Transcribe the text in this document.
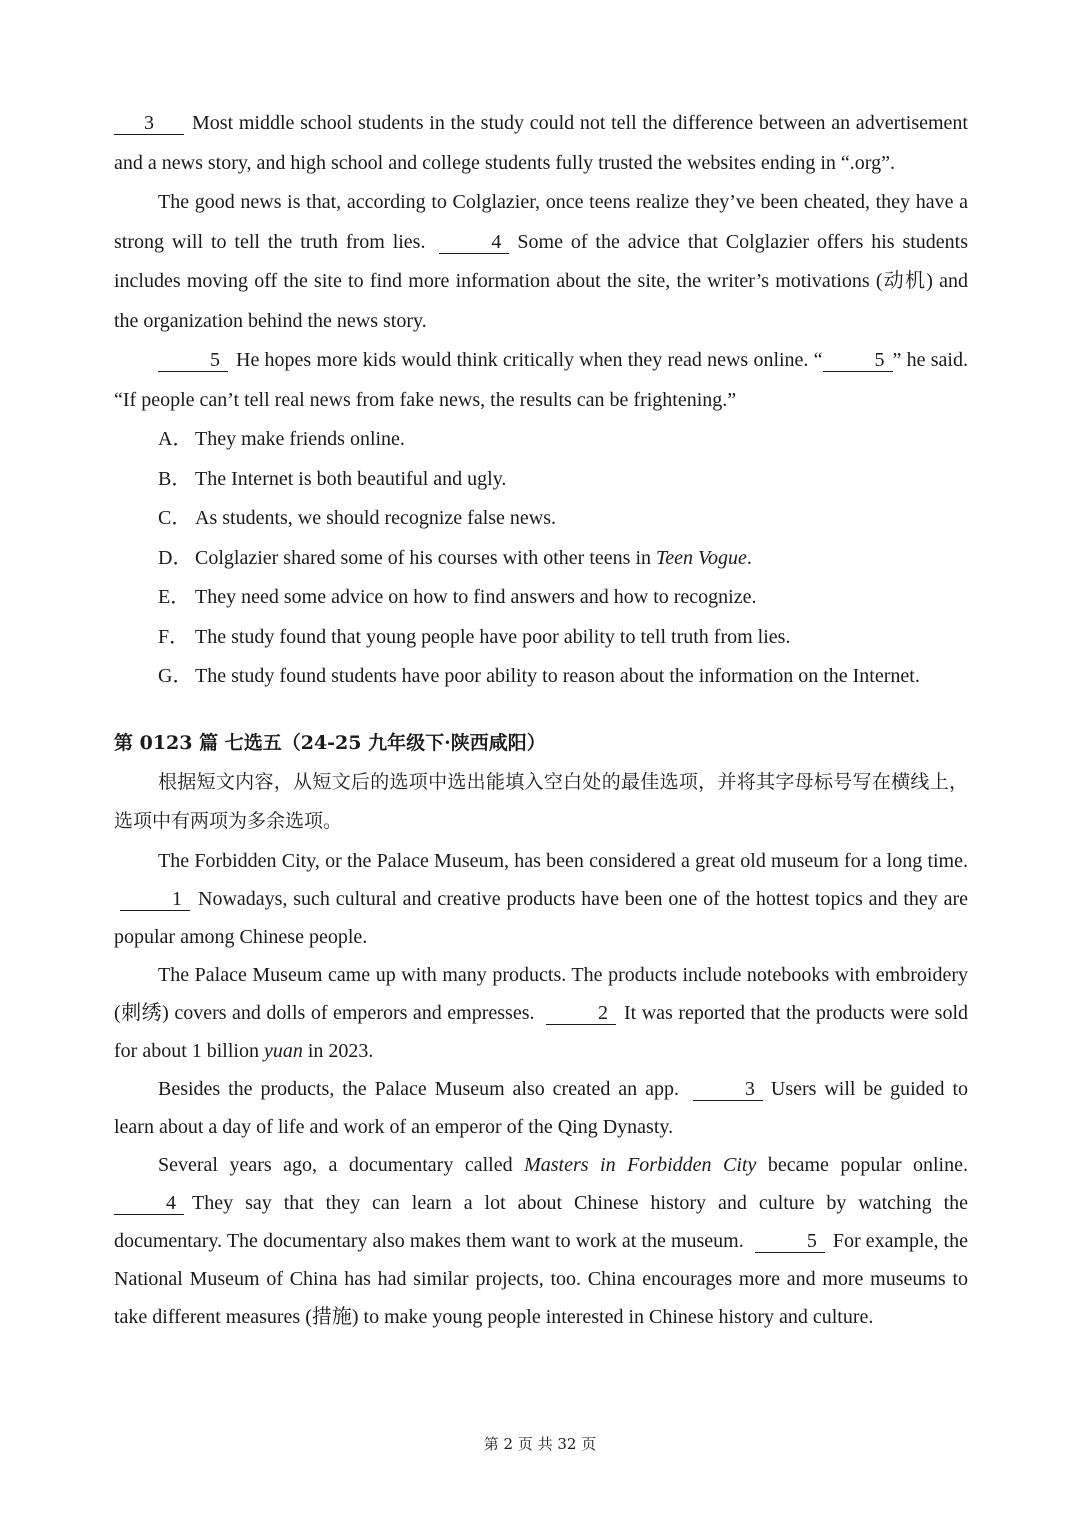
3 Most middle school students in the study could not tell the difference between an advertisement and a news story, and high school and college students fully trusted the websites ending in “.org”.

The good news is that, according to Colglazier, once teens realize they’ve been cheated, they have a strong will to tell the truth from lies.	4 Some of the advice that Colglazier offers his students includes moving off the site to find more information about the site, the writer’s motivations (动机) and the organization behind the news story.

5 He hopes more kids would think critically when they read news online. “	5 ” he said. “If people can’t tell real news from fake news, the results can be frightening.”

A． They make friends online.

B． The Internet is both beautiful and ugly.

C． As students, we should recognize false news.

D． Colglazier shared some of his courses with other teens in Teen Vogue.

E． They need some advice on how to find answers and how to recognize.

F． The study found that young people have poor ability to tell truth from lies.

G． The study found students have poor ability to reason about the information on the Internet.

第 0123 篇 七选五（24-25 九年级下·陕西咸阳）

根据短文内容，从短文后的选项中选出能填入空白处的最佳选项，并将其字母标号写在横线上，选项中有两项为多余选项。

The Forbidden City, or the Palace Museum, has been considered a great old museum for a long time. 1 Nowadays, such cultural and creative products have been one of the hottest topics and they are popular among Chinese people.

The Palace Museum came up with many products. The products include notebooks with embroidery (刺绣) covers and dolls of emperors and empresses.	2 It was reported that the products were sold for about 1 billion yuan in 2023.

Besides the products, the Palace Museum also created an app.	3 Users will be guided to learn about a day of life and work of an emperor of the Qing Dynasty.

Several years ago, a documentary called Masters in Forbidden City became popular online. 4 They say that they can learn a lot about Chinese history and culture by watching the documentary. The documentary also makes them want to work at the museum.	5 For example, the National Museum of China has had similar projects, too. China encourages more and more museums to take different measures (措施) to make young people interested in Chinese history and culture.

第 2 页 共 32 页
